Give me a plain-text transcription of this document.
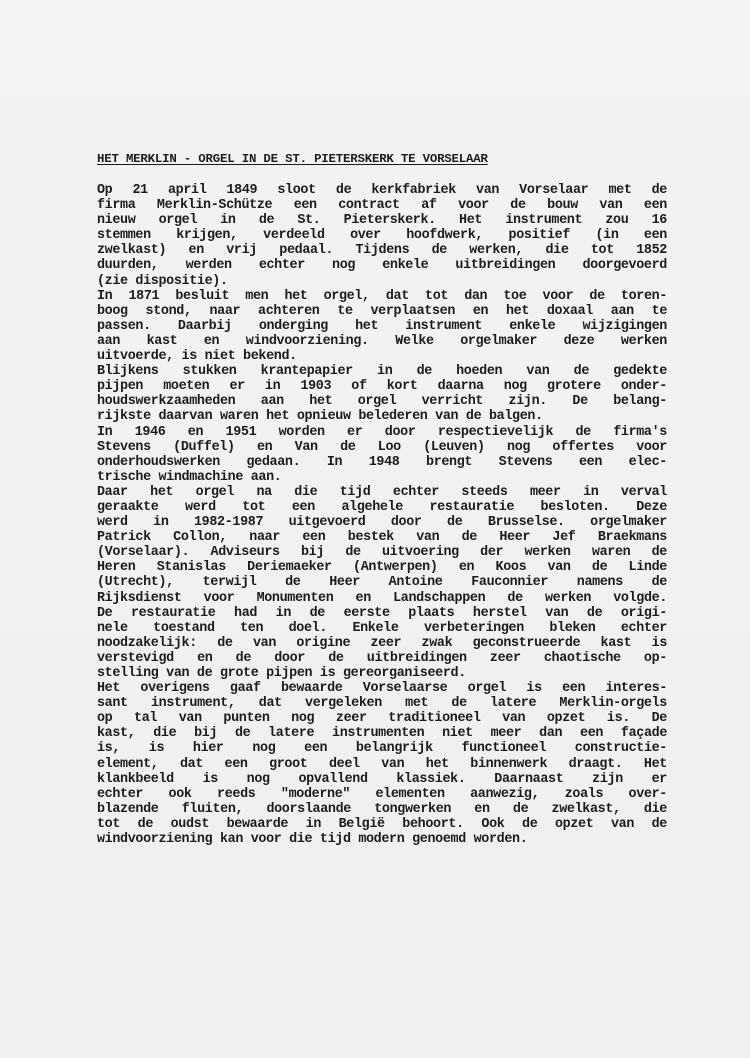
HET MERKLIN - ORGEL IN DE ST. PIETERSKERK TE VORSELAAR
Op 21 april 1849 sloot de kerkfabriek van Vorselaar met de
firma Merklin-Schütze een contract af voor de bouw van een
nieuw orgel in de St. Pieterskerk. Het instrument zou 16
stemmen krijgen, verdeeld over hoofdwerk, positief (in een
zwelkast) en vrij pedaal. Tijdens de werken, die tot 1852
duurden, werden echter nog enkele uitbreidingen doorgevoerd
(zie dispositie).
In 1871 besluit men het orgel, dat tot dan toe voor de toren-
boog stond, naar achteren te verplaatsen en het doxaal aan te
passen. Daarbij onderging het instrument enkele wijzigingen
aan kast en windvoorziening. Welke orgelmaker deze werken
uitvoerde, is niet bekend.
Blijkens stukken krantepapier in de hoeden van de gedekte
pijpen moeten er in 1903 of kort daarna nog grotere onder-
houdswerkzaamheden aan het orgel verricht zijn. De belang-
rijkste daarvan waren het opnieuw belederen van de balgen.
In 1946 en 1951 worden er door respectievelijk de firma's
Stevens (Duffel) en Van de Loo (Leuven) nog offertes voor
onderhoudswerken gedaan. In 1948 brengt Stevens een elec-
trische windmachine aan.
Daar het orgel na die tijd echter steeds meer in verval
geraakte werd tot een algehele restauratie besloten. Deze
werd in 1982-1987 uitgevoerd door de Brusselse. orgelmaker
Patrick Collon, naar een bestek van de Heer Jef Braekmans
(Vorselaar). Adviseurs bij de uitvoering der werken waren de
Heren Stanislas Deriemaeker (Antwerpen) en Koos van de Linde
(Utrecht), terwijl de Heer Antoine Fauconnier namens de
Rijksdienst voor Monumenten en Landschappen de werken volgde.
De restauratie had in de eerste plaats herstel van de origi-
nele toestand ten doel. Enkele verbeteringen bleken echter
noodzakelijk: de van origine zeer zwak geconstrueerde kast is
verstevigd en de door de uitbreidingen zeer chaotische op-
stelling van de grote pijpen is gereorganiseerd.
Het overigens gaaf bewaarde Vorselaarse orgel is een interes-
sant instrument, dat vergeleken met de latere Merklin-orgels
op tal van punten nog zeer traditioneel van opzet is. De
kast, die bij de latere instrumenten niet meer dan een façade
is, is hier nog een belangrijk functioneel constructie-
element, dat een groot deel van het binnenwerk draagt. Het
klankbeeld is nog opvallend klassiek. Daarnaast zijn er
echter ook reeds "moderne" elementen aanwezig, zoals over-
blazende fluiten, doorslaande tongwerken en de zwelkast, die
tot de oudst bewaarde in België behoort. Ook de opzet van de
windvoorziening kan voor die tijd modern genoemd worden.
